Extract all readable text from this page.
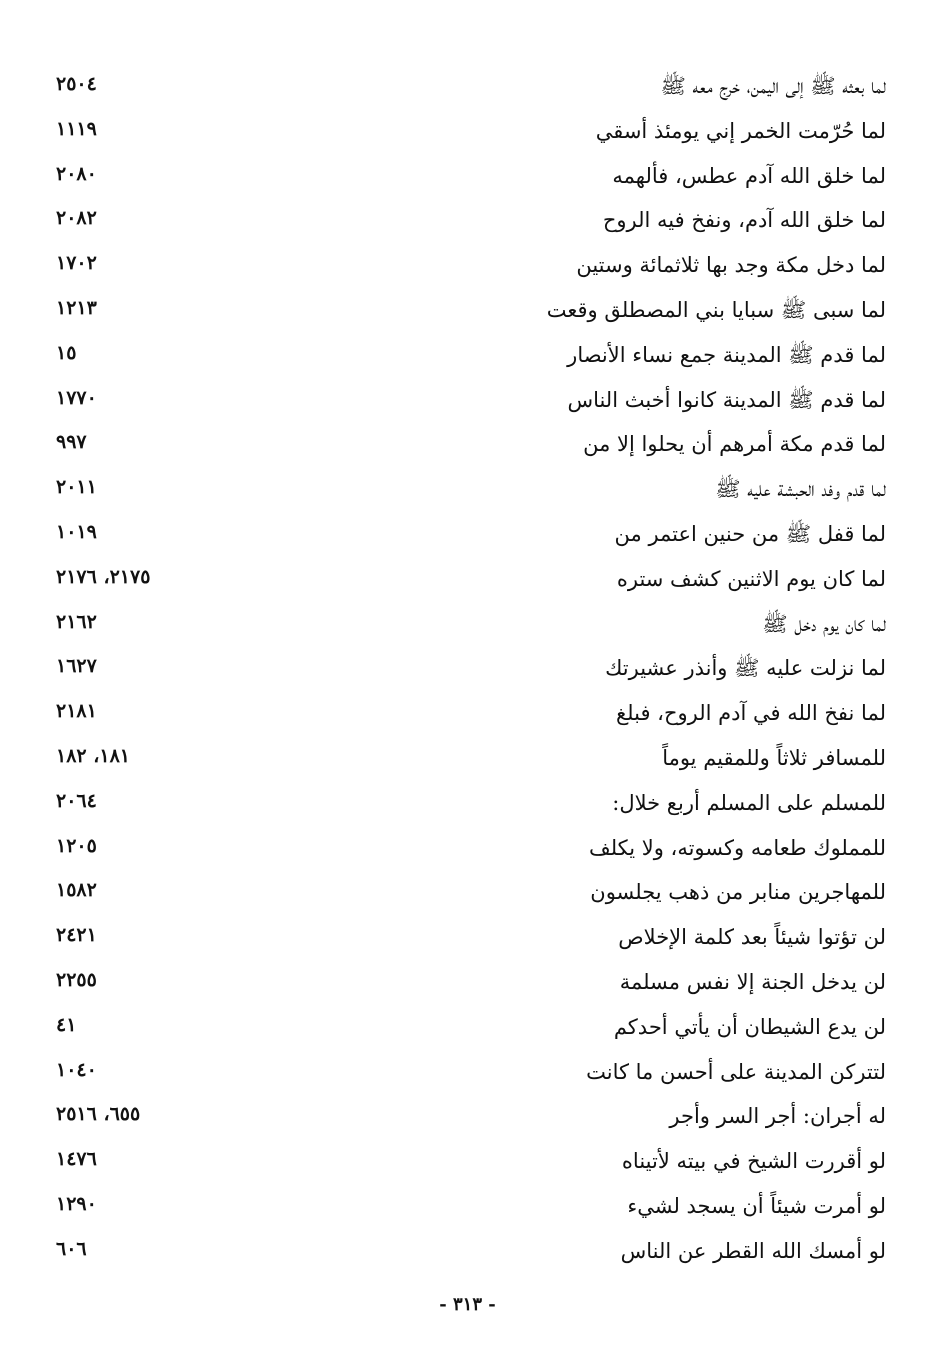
لما بعثه ﷺ إلى اليمن، خرج معه ﷺ
٢٥٠٤
لما حُرّمت الخمر إني يومئذ أسقي
١١١٩
لما خلق الله آدم عطس، فألهمه
٢٠٨٠
لما خلق الله آدم، ونفخ فيه الروح
٢٠٨٢
لما دخل مكة وجد بها ثلاثمائة وستين
١٧٠٢
لما سبى ﷺ سبايا بني المصطلق وقعت
١٢١٣
لما قدم ﷺ المدينة جمع نساء الأنصار
١٥
لما قدم ﷺ المدينة كانوا أخبث الناس
١٧٧٠
لما قدم مكة أمرهم أن يحلوا إلا من
٩٩٧
لما قدم وفد الحبشة عليه ﷺ
٢٠١١
لما قفل ﷺ من حنين اعتمر من
١٠١٩
لما كان يوم الاثنين كشف ستره
٢١٧٥، ٢١٧٦
لما كان يوم دخل ﷺ
٢١٦٢
لما نزلت عليه ﷺ وأنذر عشيرتك
١٦٢٧
لما نفخ الله في آدم الروح، فبلغ
٢١٨١
للمسافر ثلاثاً وللمقيم يوماً
١٨١، ١٨٢
للمسلم على المسلم أربع خلال:
٢٠٦٤
للمملوك طعامه وكسوته، ولا يكلف
١٢٠٥
للمهاجرين منابر من ذهب يجلسون
١٥٨٢
لن تؤتوا شيئاً بعد كلمة الإخلاص
٢٤٢١
لن يدخل الجنة إلا نفس مسلمة
٢٢٥٥
لن يدع الشيطان أن يأتي أحدكم
٤١
لتتركن المدينة على أحسن ما كانت
١٠٤٠
له أجران: أجر السر وأجر
٦٥٥، ٢٥١٦
لو أقررت الشيخ في بيته لأتيناه
١٤٧٦
لو أمرت شيئاً أن يسجد لشيء
١٢٩٠
لو أمسك الله القطر عن الناس
٦٠٦
- ٣١٣ -
